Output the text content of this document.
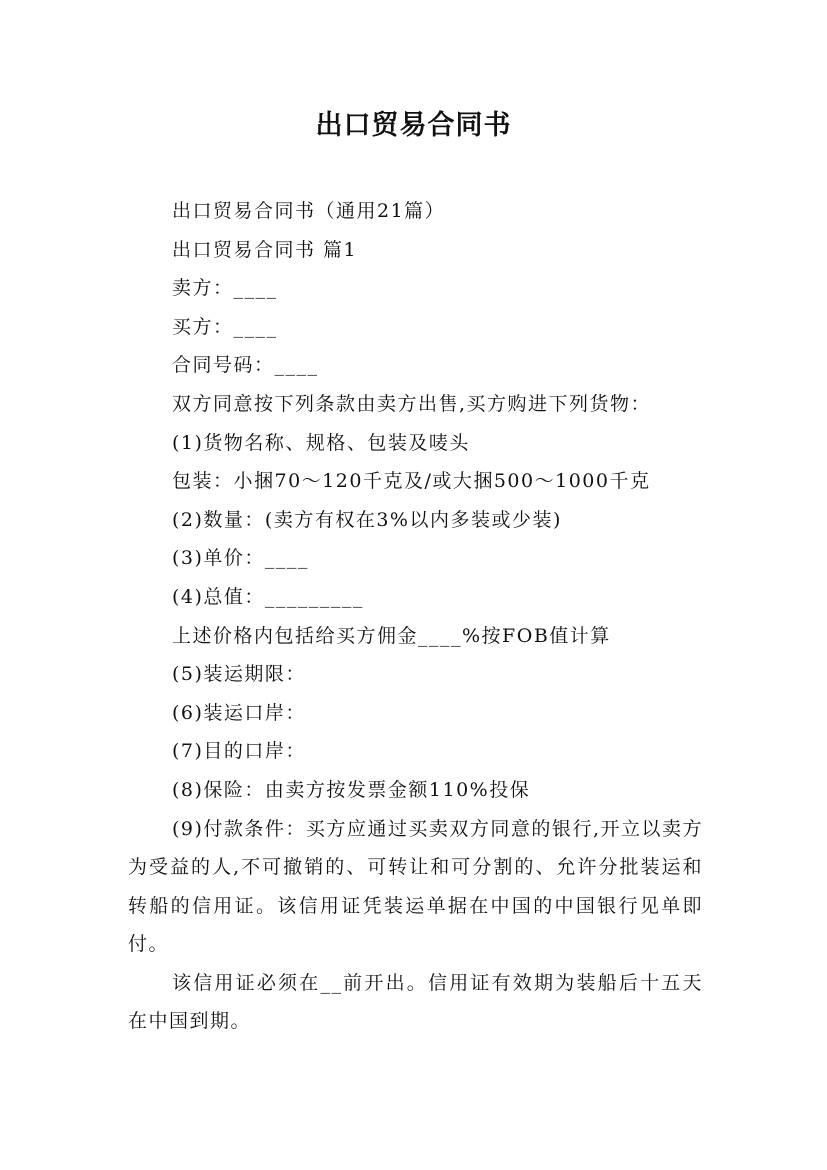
出口贸易合同书
出口贸易合同书（通用21篇）
出口贸易合同书 篇1
卖方：____
买方：____
合同号码：____
双方同意按下列条款由卖方出售,买方购进下列货物：
(1)货物名称、规格、包装及唛头
包装：小捆70～120千克及/或大捆500～1000千克
(2)数量：(卖方有权在3%以内多装或少装)
(3)单价：____
(4)总值：_________
上述价格内包括给买方佣金____%按FOB值计算
(5)装运期限：
(6)装运口岸：
(7)目的口岸：
(8)保险：由卖方按发票金额110%投保

(9)付款条件：买方应通过买卖双方同意的银行,开立以卖方为受益的人,不可撤销的、可转让和可分割的、允许分批装运和转船的信用证。该信用证凭装运单据在中国的中国银行见单即付。

该信用证必须在__前开出。信用证有效期为装船后十五天在中国到期。
